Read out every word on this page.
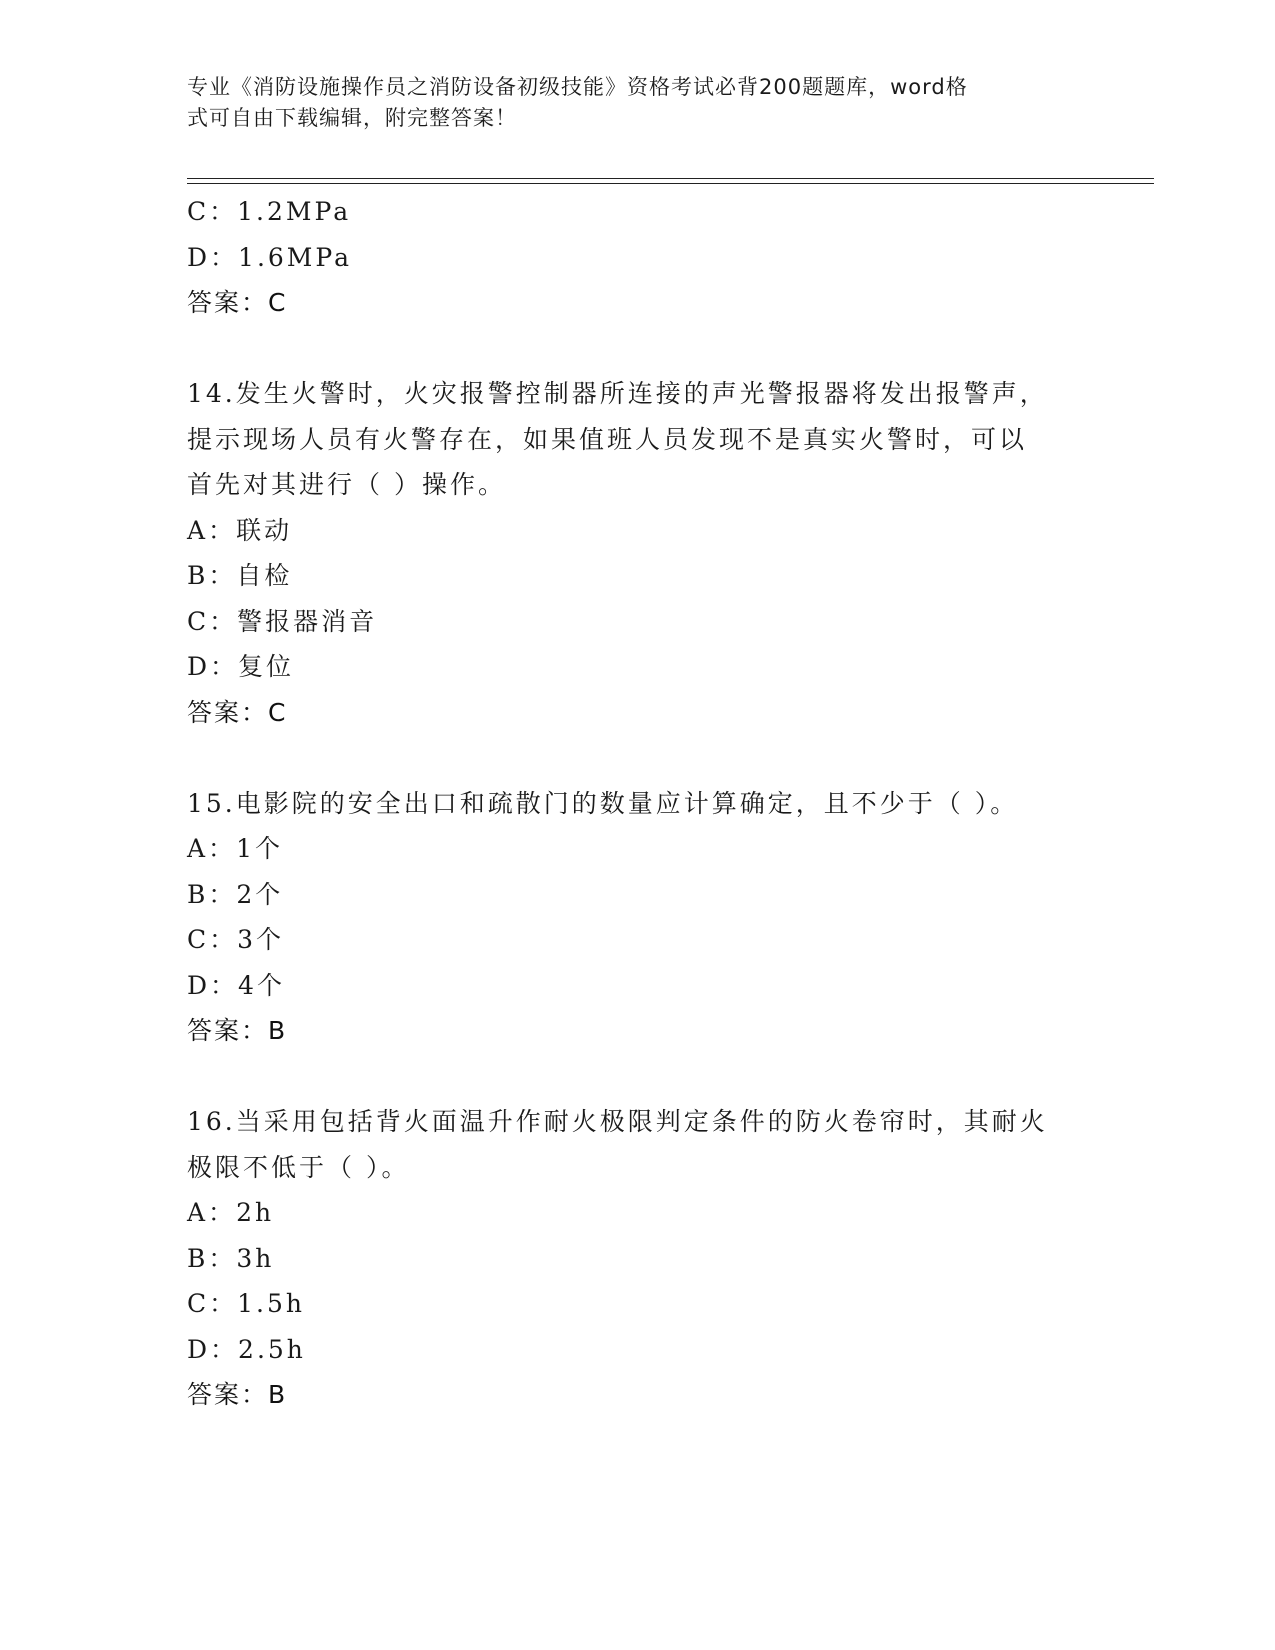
专业《消防设施操作员之消防设备初级技能》资格考试必背200题题库，word格
式可自由下载编辑，附完整答案！
C：1.2MPa
D：1.6MPa
答案：C
14.发生火警时，火灾报警控制器所连接的声光警报器将发出报警声，
提示现场人员有火警存在，如果值班人员发现不是真实火警时，可以
首先对其进行（ ）操作。
A：联动
B：自检
C：警报器消音
D：复位
答案：C
15.电影院的安全出口和疏散门的数量应计算确定，且不少于（ ）。
A：1个
B：2个
C：3个
D：4个
答案：B
16.当采用包括背火面温升作耐火极限判定条件的防火卷帘时，其耐火
极限不低于（ ）。
A：2h
B：3h
C：1.5h
D：2.5h
答案：B
